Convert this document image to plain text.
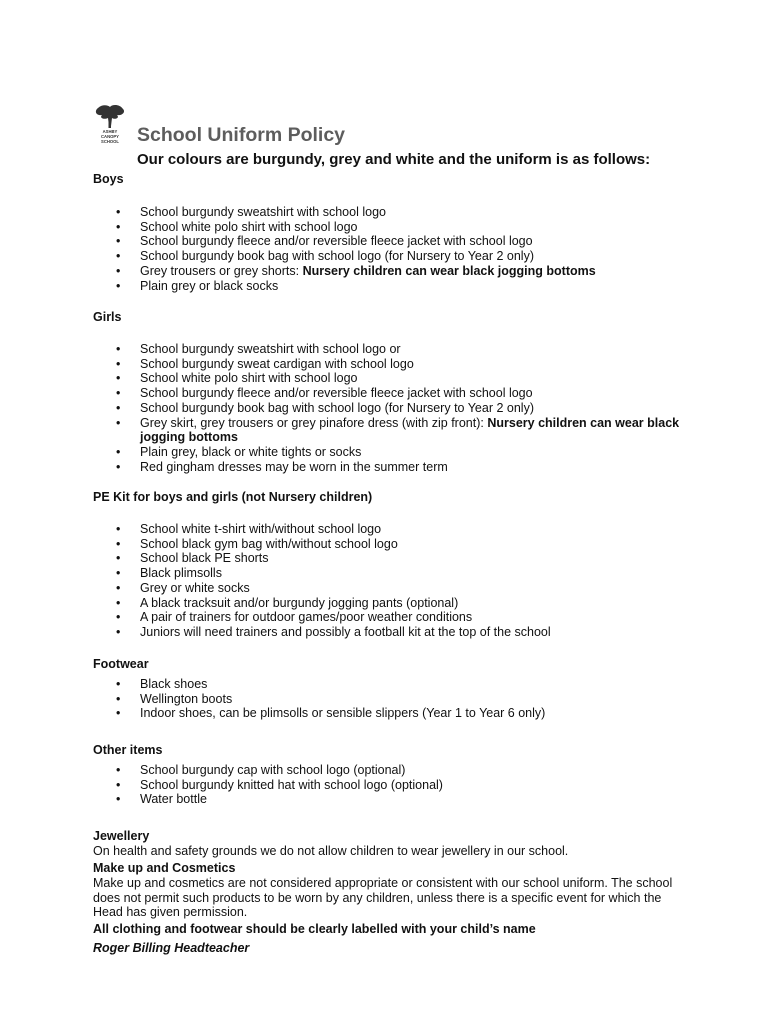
ASHBY
CANOPY
SCHOOL School Uniform Policy

Our colours are burgundy, grey and white and the uniform is as follows:

Boys

• School burgundy sweatshirt with school logo
• School white polo shirt with school logo
• School burgundy fleece and/or reversible fleece jacket with school logo
• School burgundy book bag with school logo (for Nursery to Year 2 only)
• Grey trousers or grey shorts: Nursery children can wear black jogging bottoms
• Plain grey or black socks

Girls

• School burgundy sweatshirt with school logo or
• School burgundy sweat cardigan with school logo
• School white polo shirt with school logo
• School burgundy fleece and/or reversible fleece jacket with school logo
• School burgundy book bag with school logo (for Nursery to Year 2 only)
• Grey skirt, grey trousers or grey pinafore dress (with zip front): Nursery children can wear black jogging bottoms
• Plain grey, black or white tights or socks
• Red gingham dresses may be worn in the summer term

PE Kit for boys and girls (not Nursery children)

• School white t-shirt with/without school logo
• School black gym bag with/without school logo
• School black PE shorts
• Black plimsolls
• Grey or white socks
• A black tracksuit and/or burgundy jogging pants (optional)
• A pair of trainers for outdoor games/poor weather conditions
• Juniors will need trainers and possibly a football kit at the top of the school

Footwear

• Black shoes
• Wellington boots
• Indoor shoes, can be plimsolls or sensible slippers (Year 1 to Year 6 only)

Other items

• School burgundy cap with school logo (optional)
• School burgundy knitted hat with school logo (optional)
• Water bottle

Jewellery

On health and safety grounds we do not allow children to wear jewellery in our school.

Make up and Cosmetics

Make up and cosmetics are not considered appropriate or consistent with our school uniform. The school does not permit such products to be worn by any children, unless there is a specific event for which the Head has given permission.

All clothing and footwear should be clearly labelled with your child’s name

Roger Billing Headteacher
